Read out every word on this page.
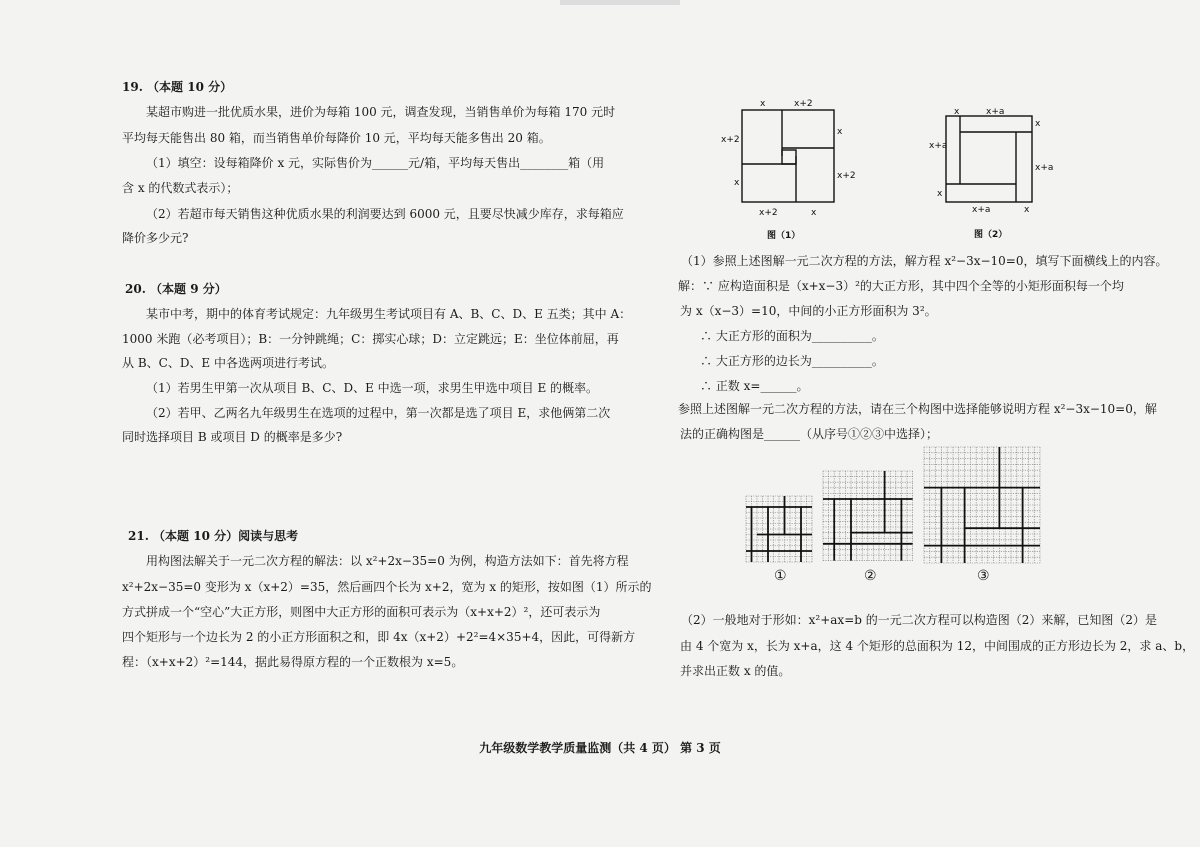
19. （本题 10 分）
某超市购进一批优质水果，进价为每箱 100 元，调查发现，当销售单价为每箱 170 元时
平均每天能售出 80 箱，而当销售单价每降价 10 元，平均每天能多售出 20 箱。
（1）填空：设每箱降价 x 元，实际售价为______元/箱，平均每天售出________箱（用
含 x 的代数式表示）；
（2）若超市每天销售这种优质水果的利润要达到 6000 元，且要尽快减少库存，求每箱应
降价多少元?
20. （本题 9 分）
某市中考，期中的体育考试规定：九年级男生考试项目有 A、B、C、D、E 五类；其中 A：
1000 米跑（必考项目）；B：一分钟跳绳；C：掷实心球；D：立定跳远；E：坐位体前屈，再
从 B、C、D、E 中各选两项进行考试。
（1）若男生甲第一次从项目 B、C、D、E 中选一项，求男生甲选中项目 E 的概率。
（2）若甲、乙两名九年级男生在选项的过程中，第一次都是选了项目 E，求他俩第二次
同时选择项目 B 或项目 D 的概率是多少?
21. （本题 10 分）阅读与思考
用构图法解关于一元二次方程的解法：以 x²+2x−35=0 为例，构造方法如下：首先将方程
x²+2x−35=0 变形为 x（x+2）=35，然后画四个长为 x+2，宽为 x 的矩形，按如图（1）所示的
方式拼成一个“空心”大正方形，则图中大正方形的面积可表示为（x+x+2）²，还可表示为
四个矩形与一个边长为 2 的小正方形面积之和，即 4x（x+2）+2²=4×35+4，因此，可得新方
程：（x+x+2）²=144，据此易得原方程的一个正数根为 x=5。
x	x+2
x+2
x
x
x+2
x+2	x
图（1）
x	x+a
x+a
x
x
x+a
x+a	x
图（2）
（1）参照上述图解一元二次方程的方法，解方程 x²−3x−10=0，填写下面横线上的内容。
解：∵ 应构造面积是（x+x−3）²的大正方形，其中四个全等的小矩形面积每一个均
为 x（x−3）=10，中间的小正方形面积为 3²。
∴ 大正方形的面积为__________。
∴ 大正方形的边长为__________。
∴ 正数 x=______。
参照上述图解一元二次方程的方法，请在三个构图中选择能够说明方程 x²−3x−10=0，解
法的正确构图是______（从序号①②③中选择）；
①	②	③
（2）一般地对于形如：x²+ax=b 的一元二次方程可以构造图（2）来解，已知图（2）是
由 4 个宽为 x，长为 x+a，这 4 个矩形的总面积为 12，中间围成的正方形边长为 2，求 a、b，
并求出正数 x 的值。
九年级数学教学质量监测（共 4 页） 第 3 页
